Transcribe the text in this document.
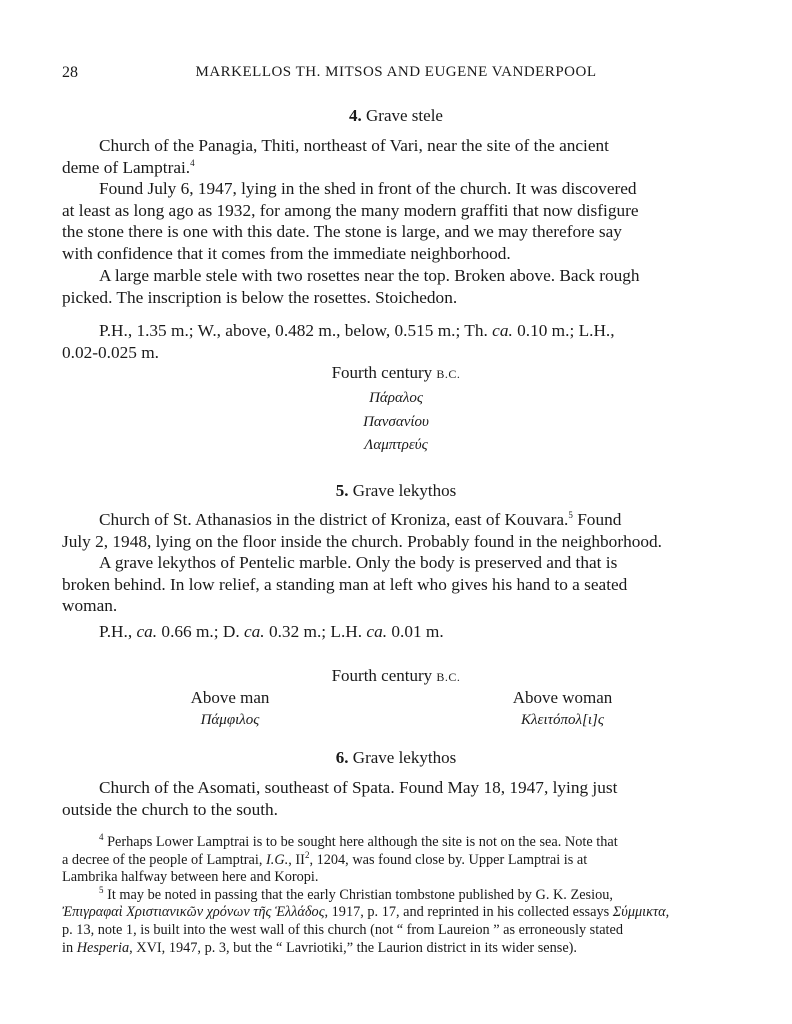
28	MARKELLOS TH. MITSOS AND EUGENE VANDERPOOL
4. Grave stele
Church of the Panagia, Thiti, northeast of Vari, near the site of the ancient
deme of Lamptrai.$^4$
Found July 6, 1947, lying in the shed in front of the church. It was discovered
at least as long ago as 1932, for among the many modern graffiti that now disfigure
the stone there is one with this date. The stone is large, and we may therefore say
with confidence that it comes from the immediate neighborhood.
A large marble stele with two rosettes near the top. Broken above. Back rough
picked. The inscription is below the rosettes. Stoichedon.
P.H., 1.35 m.; W., above, 0.482 m., below, 0.515 m.; Th. ca. 0.10 m.; L.H.,
0.02-0.025 m.
Fourth century B.C.
Πάραλος
Πανσανίου
Λαμπτρεύς
5. Grave lekythos
Church of St. Athanasios in the district of Kroniza, east of Kouvara.$^5$ Found
July 2, 1948, lying on the floor inside the church. Probably found in the neighborhood.
A grave lekythos of Pentelic marble. Only the body is preserved and that is
broken behind. In low relief, a standing man at left who gives his hand to a seated
woman.
P.H., ca. 0.66 m.; D. ca. 0.32 m.; L.H. ca. 0.01 m.
Fourth century B.C.
Above man
Πάμφιλος
Above woman
Κλειτόπολ[ι]ς
6. Grave lekythos
Church of the Asomati, southeast of Spata. Found May 18, 1947, lying just
outside the church to the south.
$^4$ Perhaps Lower Lamptrai is to be sought here although the site is not on the sea. Note that
a decree of the people of Lamptrai, I.G., $II^2$, 1204, was found close by. Upper Lamptrai is at
Lambrika halfway between here and Koropi.
$^5$ It may be noted in passing that the early Christian tombstone published by G. K. Zesiou,
Ἐπιγραφαὶ Χριστιανικῶν χρόνων τῆς Ἑλλάδος, 1917, p. 17, and reprinted in his collected essays Σύμμικτα,
p. 13, note 1, is built into the west wall of this church (not “ from Laureion ” as erroneously stated
in Hesperia, XVI, 1947, p. 3, but the “ Lavriotiki,” the Laurion district in its wider sense).
